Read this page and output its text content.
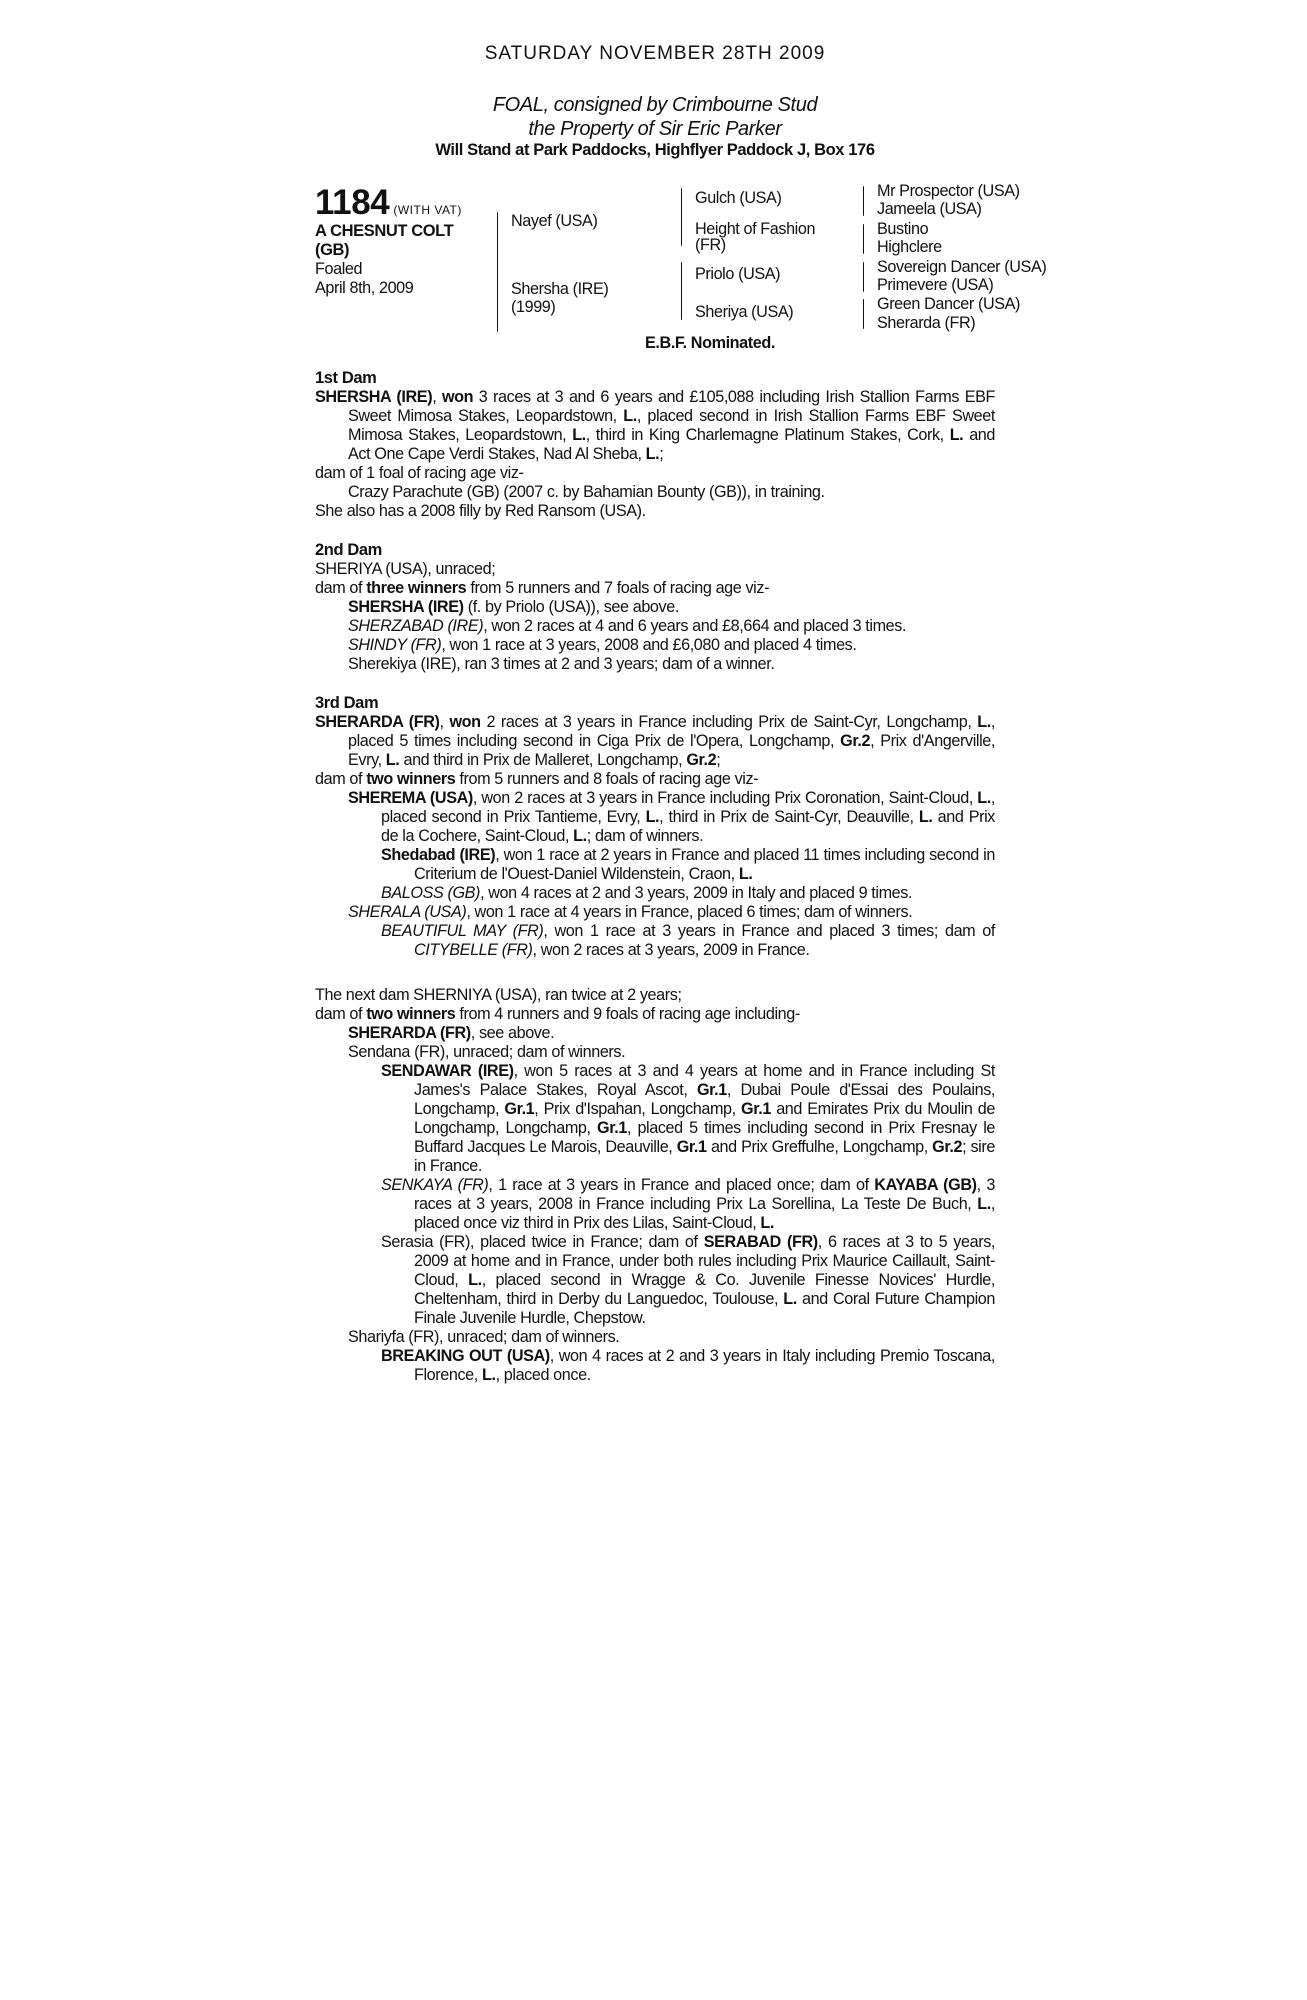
SATURDAY NOVEMBER 28TH 2009
FOAL, consigned by Crimbourne Stud
the Property of Sir Eric Parker
Will Stand at Park Paddocks, Highflyer Paddock J, Box 176
1184 (WITH VAT)
A CHESNUT COLT
(GB)
Foaled
April 8th, 2009
Nayef (USA)
Shersha (IRE)
(1999)
Gulch (USA)
Height of Fashion
(FR)
Priolo (USA)
Sheriya (USA)
Mr Prospector (USA)
Jameela (USA)
Bustino
Highclere
Sovereign Dancer (USA)
Primevere (USA)
Green Dancer (USA)
Sherarda (FR)
E.B.F. Nominated.
1st Dam

SHERSHA (IRE), won 3 races at 3 and 6 years and £105,088 including Irish Stallion Farms EBF Sweet Mimosa Stakes, Leopardstown, L., placed second in Irish Stallion Farms EBF Sweet Mimosa Stakes, Leopardstown, L., third in King Charlemagne Platinum Stakes, Cork, L. and Act One Cape Verdi Stakes, Nad Al Sheba, L.;

dam of 1 foal of racing age viz-

Crazy Parachute (GB) (2007 c. by Bahamian Bounty (GB)), in training.

She also has a 2008 filly by Red Ransom (USA).

2nd Dam

SHERIYA (USA), unraced;

dam of three winners from 5 runners and 7 foals of racing age viz-

SHERSHA (IRE) (f. by Priolo (USA)), see above.

SHERZABAD (IRE), won 2 races at 4 and 6 years and £8,664 and placed 3 times.

SHINDY (FR), won 1 race at 3 years, 2008 and £6,080 and placed 4 times.

Sherekiya (IRE), ran 3 times at 2 and 3 years; dam of a winner.

3rd Dam

SHERARDA (FR), won 2 races at 3 years in France including Prix de Saint-Cyr, Longchamp, L., placed 5 times including second in Ciga Prix de l'Opera, Longchamp, Gr.2, Prix d'Angerville, Evry, L. and third in Prix de Malleret, Longchamp, Gr.2;

dam of two winners from 5 runners and 8 foals of racing age viz-

SHEREMA (USA), won 2 races at 3 years in France including Prix Coronation, Saint-Cloud, L., placed second in Prix Tantieme, Evry, L., third in Prix de Saint-Cyr, Deauville, L. and Prix de la Cochere, Saint-Cloud, L.; dam of winners.

Shedabad (IRE), won 1 race at 2 years in France and placed 11 times including second in Criterium de l'Ouest-Daniel Wildenstein, Craon, L.

BALOSS (GB), won 4 races at 2 and 3 years, 2009 in Italy and placed 9 times.

SHERALA (USA), won 1 race at 4 years in France, placed 6 times; dam of winners.

BEAUTIFUL MAY (FR), won 1 race at 3 years in France and placed 3 times; dam of CITYBELLE (FR), won 2 races at 3 years, 2009 in France.

The next dam SHERNIYA (USA), ran twice at 2 years;

dam of two winners from 4 runners and 9 foals of racing age including-

SHERARDA (FR), see above.

Sendana (FR), unraced; dam of winners.

SENDAWAR (IRE), won 5 races at 3 and 4 years at home and in France including St James's Palace Stakes, Royal Ascot, Gr.1, Dubai Poule d'Essai des Poulains, Longchamp, Gr.1, Prix d'Ispahan, Longchamp, Gr.1 and Emirates Prix du Moulin de Longchamp, Longchamp, Gr.1, placed 5 times including second in Prix Fresnay le Buffard Jacques Le Marois, Deauville, Gr.1 and Prix Greffulhe, Longchamp, Gr.2; sire in France.

SENKAYA (FR), 1 race at 3 years in France and placed once; dam of KAYABA (GB), 3 races at 3 years, 2008 in France including Prix La Sorellina, La Teste De Buch, L., placed once viz third in Prix des Lilas, Saint-Cloud, L.

Serasia (FR), placed twice in France; dam of SERABAD (FR), 6 races at 3 to 5 years, 2009 at home and in France, under both rules including Prix Maurice Caillault, Saint-Cloud, L., placed second in Wragge & Co. Juvenile Finesse Novices' Hurdle, Cheltenham, third in Derby du Languedoc, Toulouse, L. and Coral Future Champion Finale Juvenile Hurdle, Chepstow.

Shariyfa (FR), unraced; dam of winners.

BREAKING OUT (USA), won 4 races at 2 and 3 years in Italy including Premio Toscana, Florence, L., placed once.
